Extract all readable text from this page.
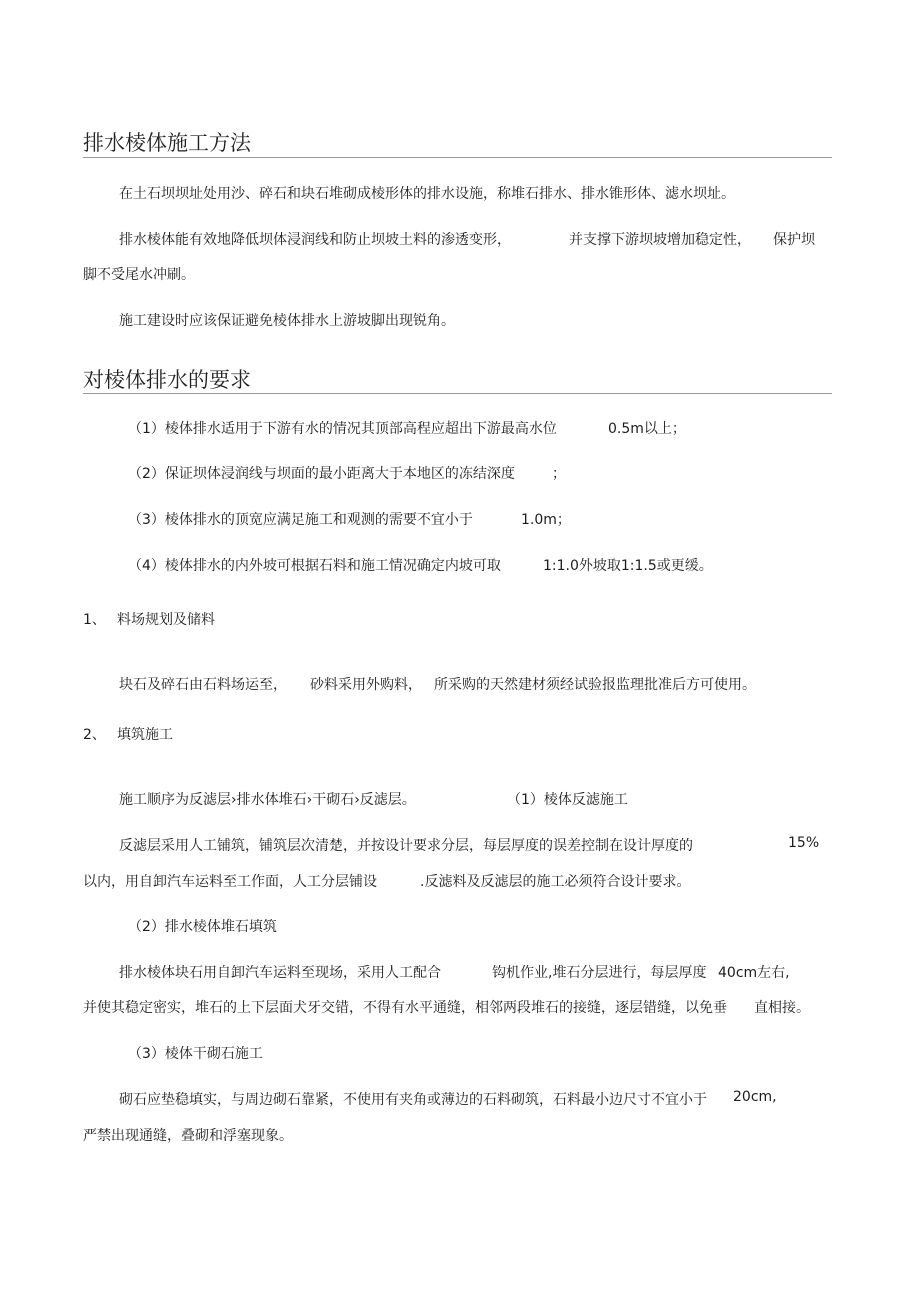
排水棱体施工方法
在土石坝坝址处用沙、碎石和块石堆砌成棱形体的排水设施，称堆石排水、排水锥形体、滤水坝址。
排水棱体能有效地降低坝体浸润线和防止坝坡土料的渗透变形，	并支撑下游坝坡增加稳定性， 保护坝
脚不受尾水冲刷。
施工建设时应该保证避免棱体排水上游坡脚出现锐角。
对棱体排水的要求
（1）棱体排水适用于下游有水的情况其顶部高程应超出下游最高水位	0.5m以上；
（2）保证坝体浸润线与坝面的最小距离大于本地区的冻结深度	；
（3）棱体排水的顶宽应满足施工和观测的需要不宜小于	1.0m；
（4）棱体排水的内外坡可根据石料和施工情况确定内坡可取	1:1.0外坡取1:1.5或更缓。
1、 料场规划及储料
块石及碎石由石料场运至， 砂料采用外购料， 所采购的天然建材须经试验报监理批准后方可使用。
2、 填筑施工
施工顺序为反滤层›排水体堆石›干砌石›反滤层。	（1）棱体反滤施工
反滤层采用人工铺筑，铺筑层次清楚，并按设计要求分层，每层厚度的误差控制在设计厚度的	15%
以内，用自卸汽车运料至工作面，人工分层铺设	.反滤料及反滤层的施工必须符合设计要求。
（2）排水棱体堆石填筑
排水棱体块石用自卸汽车运料至现场，采用人工配合	钩机作业,堆石分层进行，每层厚度 40cm左右,
并使其稳定密实，堆石的上下层面犬牙交错，不得有水平通缝，相邻两段堆石的接缝，逐层错缝，以免垂 直相接。
（3）棱体干砌石施工
砌石应垫稳填实，与周边砌石靠紧，不使用有夹角或薄边的石料砌筑，石料最小边尺寸不宜小于 20cm,
严禁出现通缝，叠砌和浮塞现象。
